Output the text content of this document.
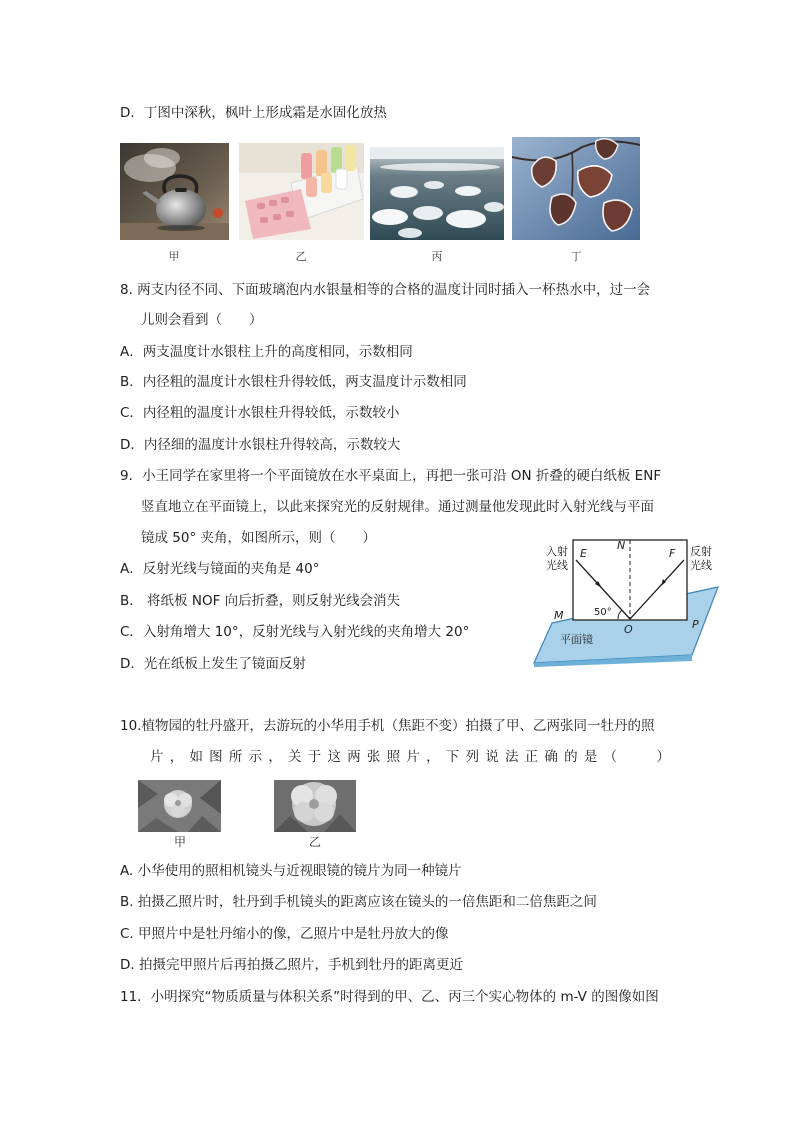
D．丁图中深秋，枫叶上形成霜是水固化放热
甲	乙	丙	丁
8. 两支内径不同、下面玻璃泡内水银量相等的合格的温度计同时插入一杯热水中，过一会
儿则会看到（　　）
A．两支温度计水银柱上升的高度相同，示数相同
B．内径粗的温度计水银柱升得较低，两支温度计示数相同
C．内径粗的温度计水银柱升得较低，示数较小
D．内径细的温度计水银柱升得较高，示数较大
9．小王同学在家里将一个平面镜放在水平桌面上，再把一张可沿 ON 折叠的硬白纸板 ENF
竖直地立在平面镜上，以此来探究光的反射规律。通过测量他发现此时入射光线与平面
镜成 50° 夹角，如图所示，则（　　）
A．反射光线与镜面的夹角是 40°
B． 将纸板 NOF 向后折叠，则反射光线会消失
C．入射角增大 10°，反射光线与入射光线的夹角增大 20°
D．光在纸板上发生了镜面反射
入射
光线
反射
光线
E
N
F
M
O	P
50°
平面镜
10.植物园的牡丹盛开，去游玩的小华用手机（焦距不变）拍摄了甲、乙两张同一牡丹的照
片 ， 如 图 所 示 ， 关 于 这 两 张 照 片 ， 下 列 说 法 正 确 的 是 （
　　	）
甲	乙
A. 小华使用的照相机镜头与近视眼镜的镜片为同一种镜片
B. 拍摄乙照片时，牡丹到手机镜头的距离应该在镜头的一倍焦距和二倍焦距之间
C. 甲照片中是牡丹缩小的像，乙照片中是牡丹放大的像
D. 拍摄完甲照片后再拍摄乙照片，手机到牡丹的距离更近
11．小明探究“物质质量与体积关系”时得到的甲、乙、丙三个实心物体的 m-V 的图像如图
